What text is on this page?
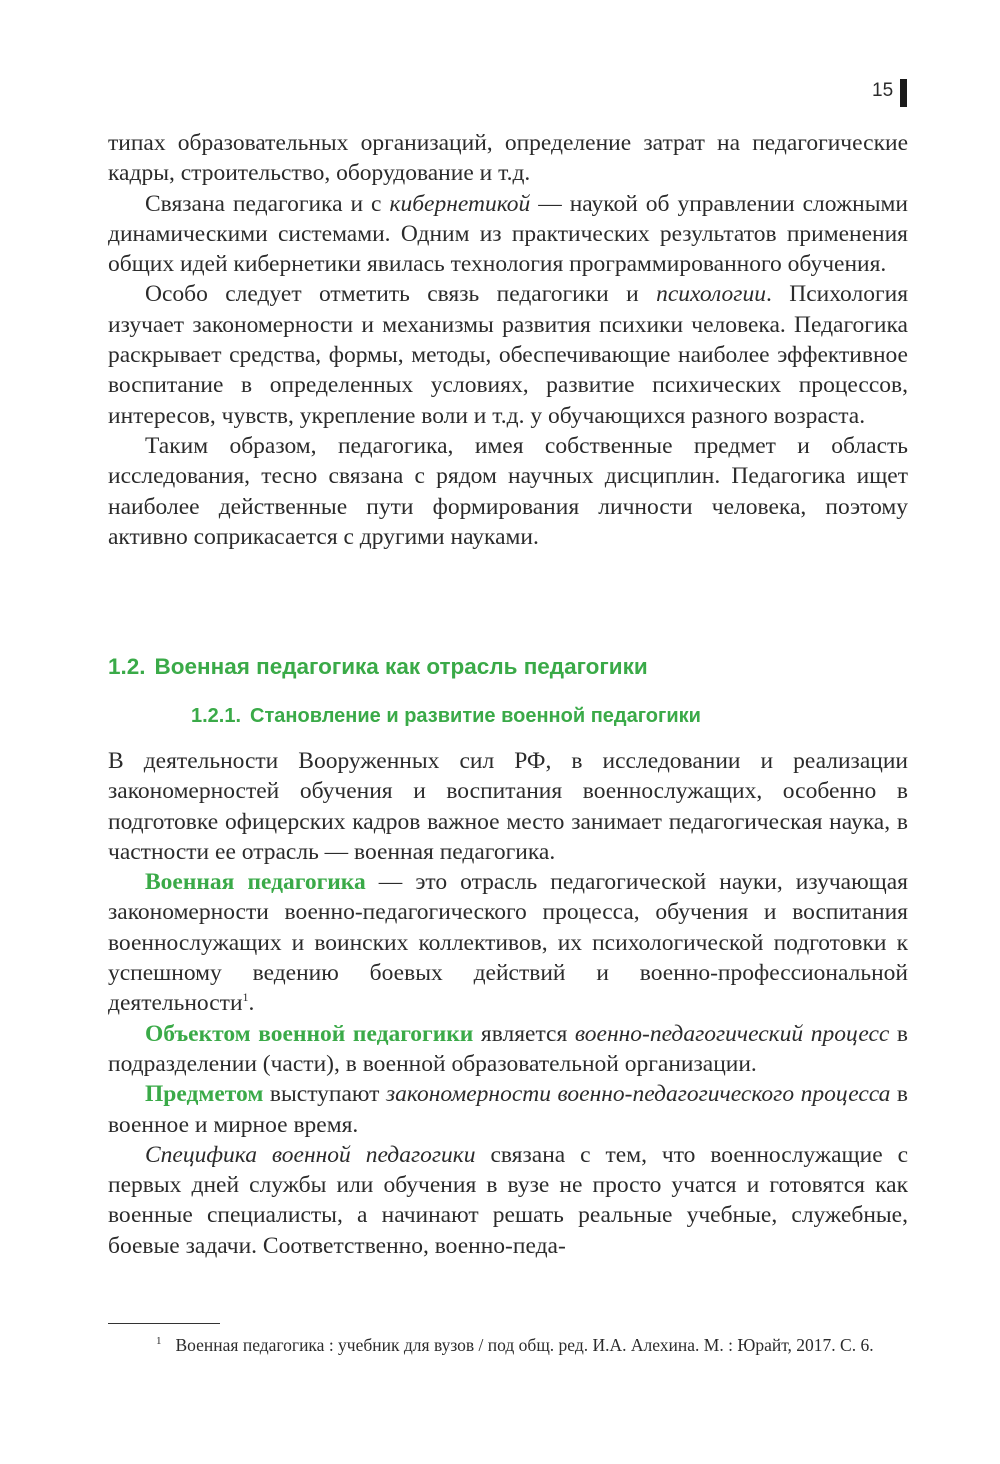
15

типах образовательных организаций, определение затрат на педагогические кадры, строительство, оборудование и т.д.

Связана педагогика и с кибернетикой — наукой об управлении сложными динамическими системами. Одним из практических результатов применения общих идей кибернетики явилась технология программированного обучения.

Особо следует отметить связь педагогики и психологии. Психология изучает закономерности и механизмы развития психики человека. Педагогика раскрывает средства, формы, методы, обеспечивающие наиболее эффективное воспитание в определенных условиях, развитие психических процессов, интересов, чувств, укрепление воли и т.д. у обучающихся разного возраста.

Таким образом, педагогика, имея собственные предмет и область исследования, тесно связана с рядом научных дисциплин. Педагогика ищет наиболее действенные пути формирования личности человека, поэтому активно соприкасается с другими науками.

1.2. Военная педагогика как отрасль педагогики
1.2.1. Становление и развитие военной педагогики

В деятельности Вооруженных сил РФ, в исследовании и реализации закономерностей обучения и воспитания военнослужащих, особенно в подготовке офицерских кадров важное место занимает педагогическая наука, в частности ее отрасль — военная педагогика.

Военная педагогика — это отрасль педагогической науки, изучающая закономерности военно-педагогического процесса, обучения и воспитания военнослужащих и воинских коллективов, их психологической подготовки к успешному ведению боевых действий и военно-профессиональной деятельности$^1$.

Объектом военной педагогики является военно-педагогический процесс в подразделении (части), в военной образовательной организации.

Предметом выступают закономерности военно-педагогического процесса в военное и мирное время.

Специфика военной педагогики связана с тем, что военнослужащие с первых дней службы или обучения в вузе не просто учатся и готовятся как военные специалисты, а начинают решать реальные учебные, служебные, боевые задачи. Соответственно, военно-педа-

$^1$ Военная педагогика : учебник для вузов / под общ. ред. И.А. Алехина. М. : Юрайт, 2017. С. 6.
